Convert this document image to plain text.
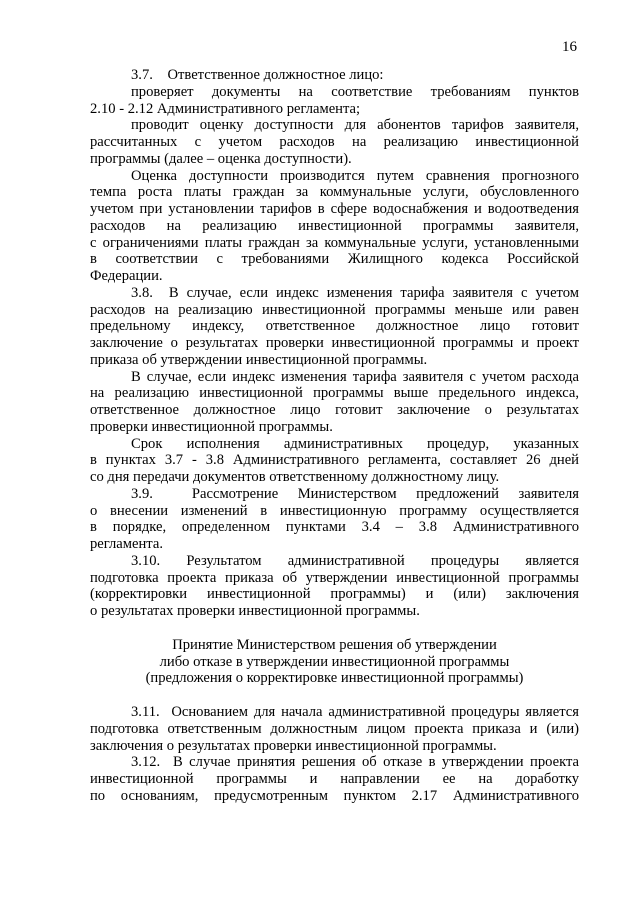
16
3.7.    Ответственное должностное лицо:
проверяет документы на соответствие требованиям пунктов
2.10 - 2.12 Административного регламента;
проводит оценку доступности для абонентов тарифов заявителя,
рассчитанных с учетом расходов на реализацию инвестиционной
программы (далее – оценка доступности).
Оценка доступности производится путем сравнения прогнозного
темпа роста платы граждан за коммунальные услуги, обусловленного
учетом при установлении тарифов в сфере водоснабжения и водоотведения
расходов на реализацию инвестиционной программы заявителя,
с ограничениями платы граждан за коммунальные услуги, установленными
в соответствии с требованиями Жилищного кодекса Российской
Федерации.
3.8.  В случае, если индекс изменения тарифа заявителя с учетом
расходов на реализацию инвестиционной программы меньше или равен
предельному индексу, ответственное должностное лицо готовит
заключение о результатах проверки инвестиционной программы и проект
приказа об утверждении инвестиционной программы.
В случае, если индекс изменения тарифа заявителя с учетом расхода
на реализацию инвестиционной программы выше предельного индекса,
ответственное должностное лицо готовит заключение о результатах
проверки инвестиционной программы.
Срок исполнения административных процедур, указанных
в пунктах 3.7 - 3.8 Административного регламента, составляет 26 дней
со дня передачи документов ответственному должностному лицу.
3.9.  Рассмотрение Министерством предложений заявителя
о внесении изменений в инвестиционную программу осуществляется
в порядке, определенном пунктами 3.4 – 3.8 Административного
регламента.
3.10. Результатом административной процедуры является
подготовка проекта приказа об утверждении инвестиционной программы
(корректировки инвестиционной программы) и (или) заключения
о результатах проверки инвестиционной программы.
Принятие Министерством решения об утверждении
либо отказе в утверждении инвестиционной программы
(предложения о корректировке инвестиционной программы)
3.11.  Основанием для начала административной процедуры является
подготовка ответственным должностным лицом проекта приказа и (или)
заключения о результатах проверки инвестиционной программы.
3.12.  В случае принятия решения об отказе в утверждении проекта
инвестиционной программы и направлении ее на доработку
по основаниям, предусмотренным пунктом 2.17 Административного
